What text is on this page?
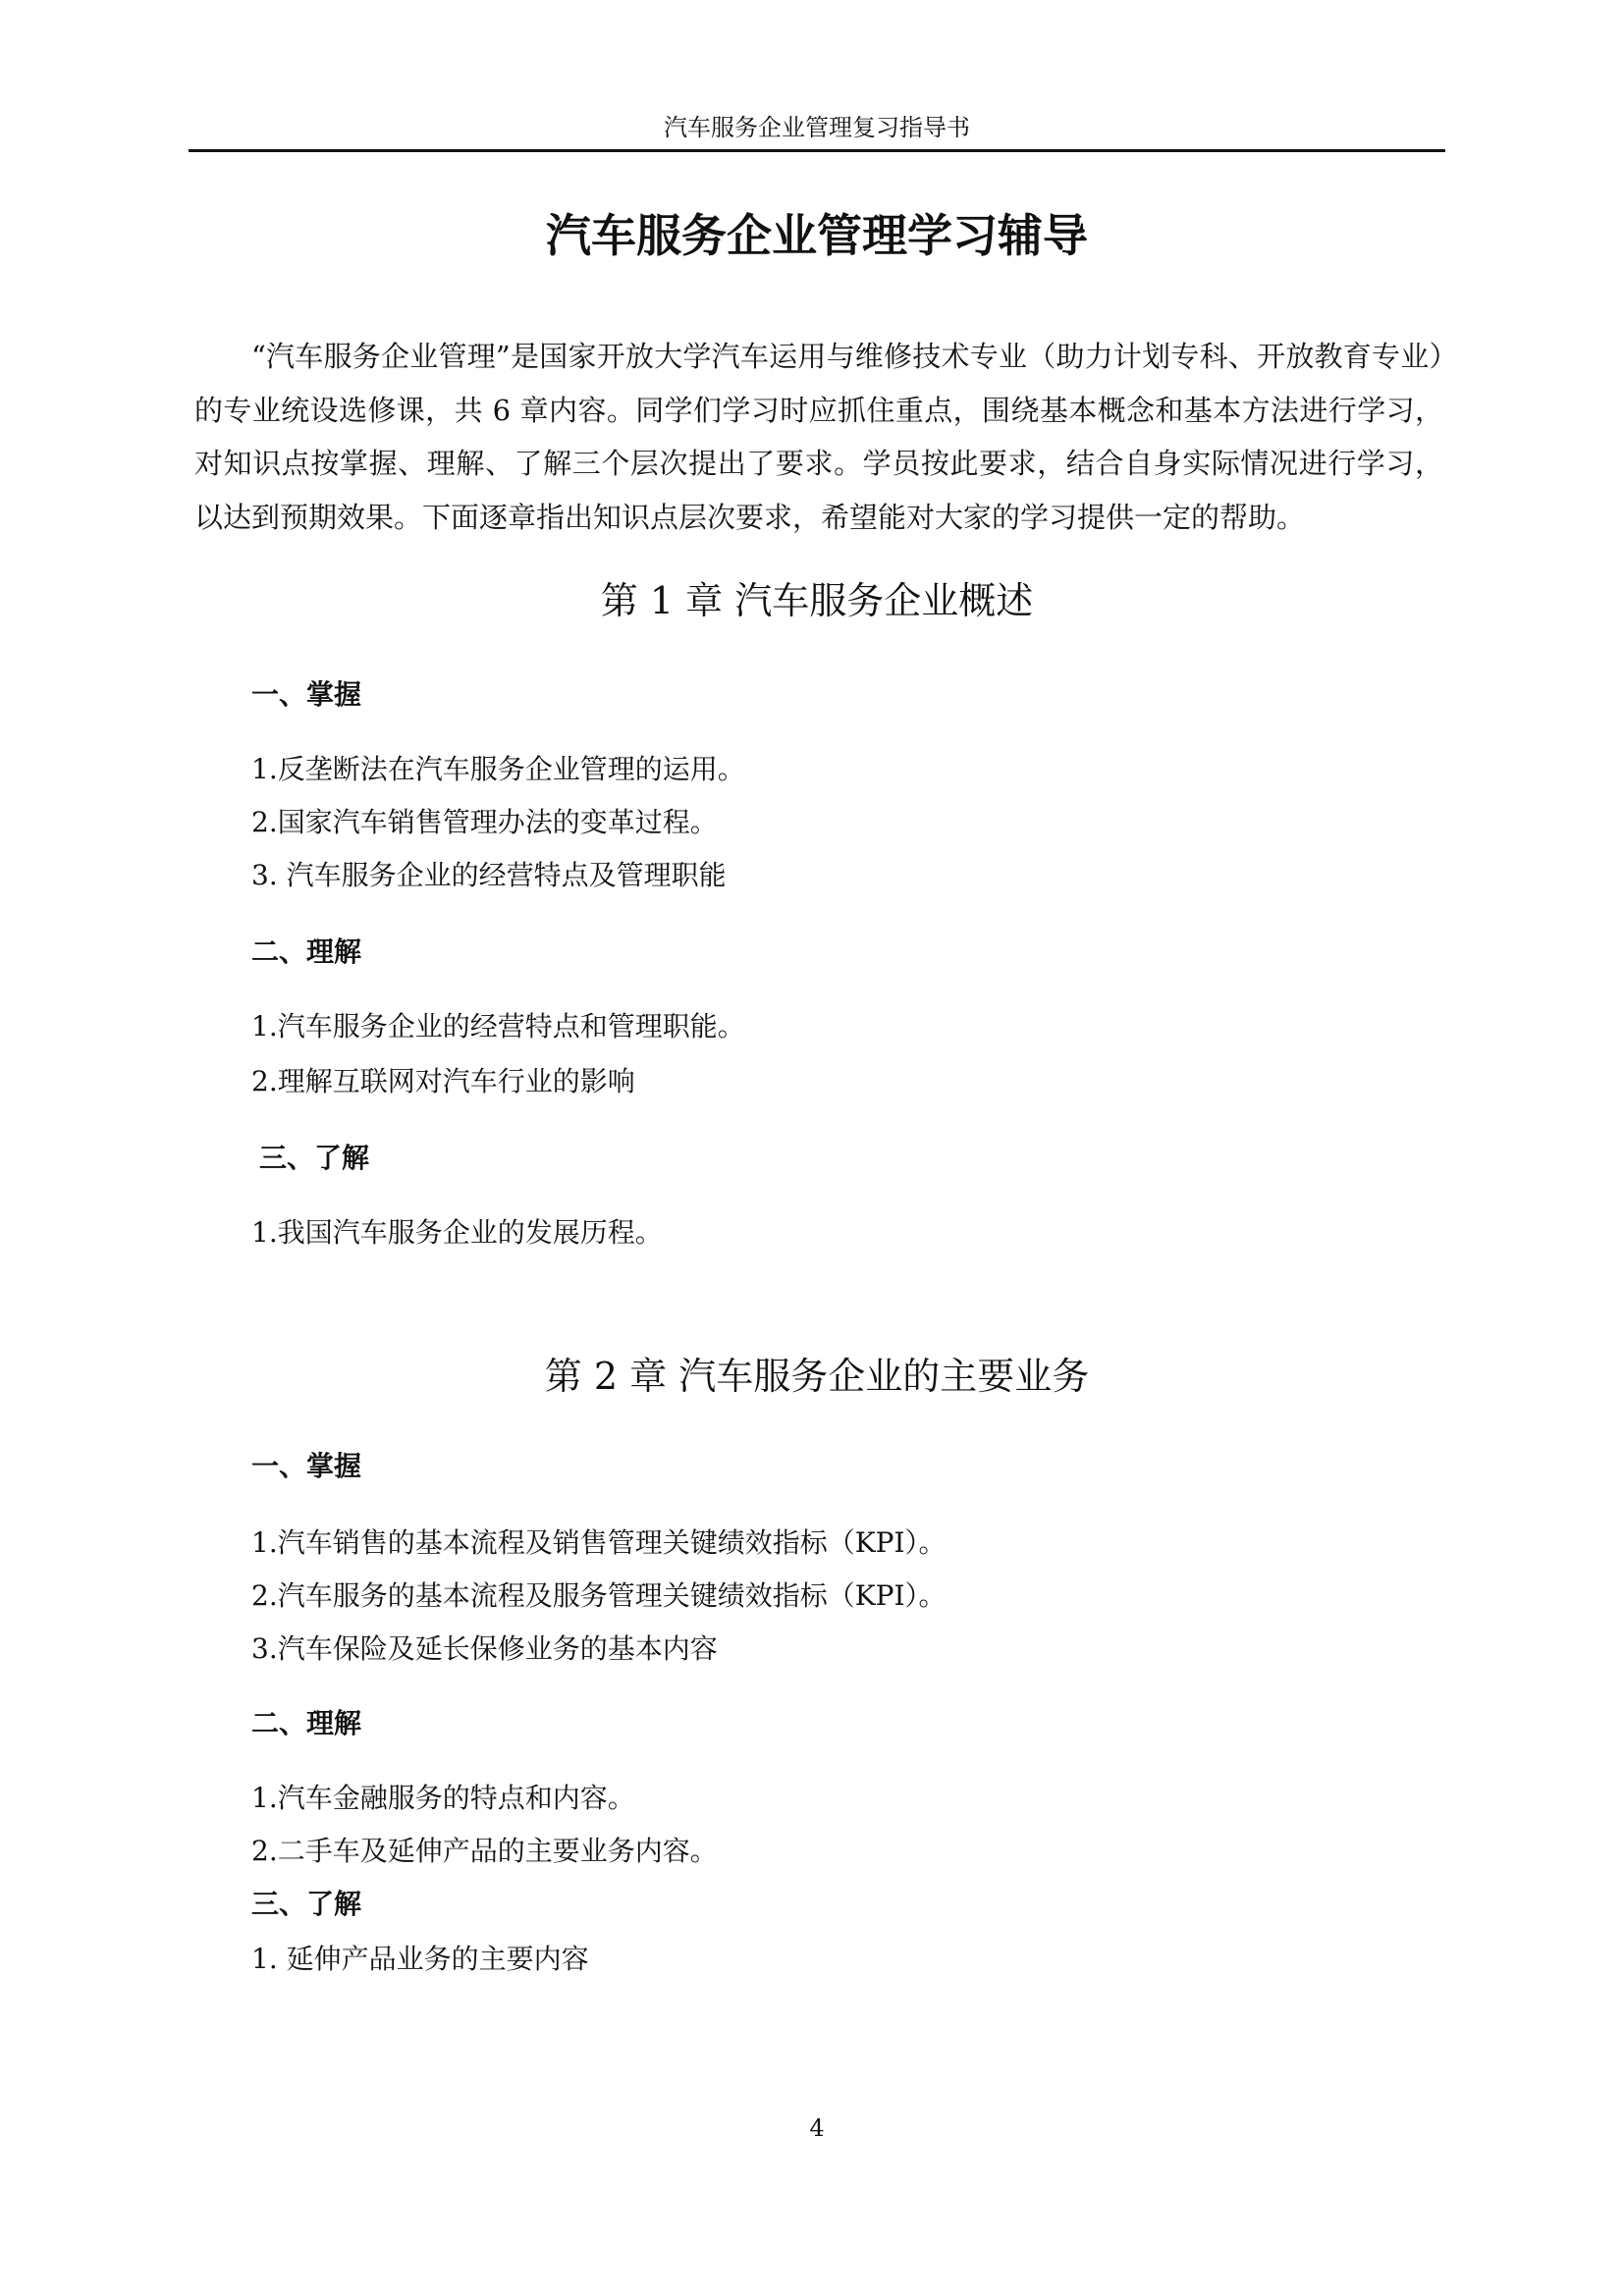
汽车服务企业管理复习指导书
汽车服务企业管理学习辅导

“汽车服务企业管理”是国家开放大学汽车运用与维修技术专业（助力计划专科、开放教育专业）的专业统设选修课，共 6 章内容。同学们学习时应抓住重点，围绕基本概念和基本方法进行学习，对知识点按掌握、理解、了解三个层次提出了要求。学员按此要求，结合自身实际情况进行学习，以达到预期效果。下面逐章指出知识点层次要求，希望能对大家的学习提供一定的帮助。

第 1 章 汽车服务企业概述
一、掌握
1.反垄断法在汽车服务企业管理的运用。
2.国家汽车销售管理办法的变革过程。
3. 汽车服务企业的经营特点及管理职能
二、理解
1.汽车服务企业的经营特点和管理职能。
2.理解互联网对汽车行业的影响
三、了解
1.我国汽车服务企业的发展历程。
第 2 章 汽车服务企业的主要业务
一、掌握
1.汽车销售的基本流程及销售管理关键绩效指标（KPI）。
2.汽车服务的基本流程及服务管理关键绩效指标（KPI）。
3.汽车保险及延长保修业务的基本内容
二、理解
1.汽车金融服务的特点和内容。
2.二手车及延伸产品的主要业务内容。
三、了解
1. 延伸产品业务的主要内容
4
